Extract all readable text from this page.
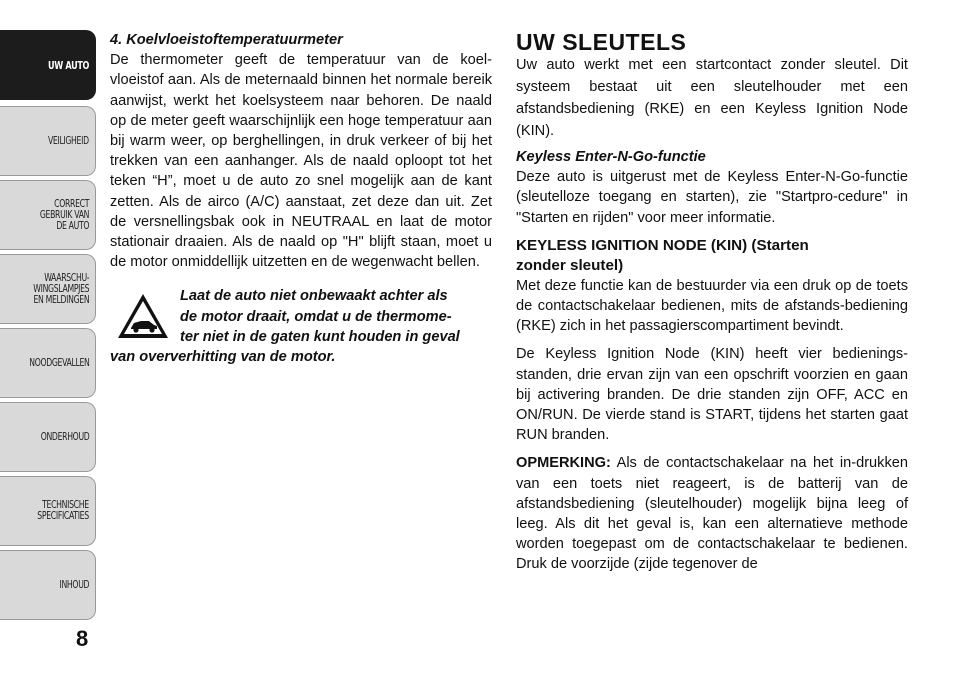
UW AUTO
VEILIGHEID
CORRECT
GEBRUIK VAN
DE AUTO
WAARSCHU-
WINGSLAMPJES
EN MELDINGEN
NOODGEVALLEN
ONDERHOUD
TECHNISCHE
SPECIFICATIES
INHOUD
8

4. Koelvloeistoftemperatuurmeter

De thermometer geeft de temperatuur van de koel-vloeistof aan. Als de meternaald binnen het normale bereik aanwijst, werkt het koelsysteem naar behoren. De naald op de meter geeft waarschijnlijk een hoge temperatuur aan bij warm weer, op berghellingen, in druk verkeer of bij het trekken van een aanhanger. Als de naald oploopt tot het teken “H”, moet u de auto zo snel mogelijk aan de kant zetten. Als de airco (A/C) aanstaat, zet deze dan uit. Zet de versnellingsbak ook in NEUTRAAL en laat de motor stationair draaien. Als de naald op "H" blijft staan, moet u de motor onmiddellijk uitzetten en de wegenwacht bellen.

Laat de auto niet onbewaakt achter als
de motor draait, omdat u de thermome-
ter niet in de gaten kunt houden in geval
van oververhitting van de motor.

UW SLEUTELS

Uw auto werkt met een startcontact zonder sleutel. Dit systeem bestaat uit een sleutelhouder met een afstandsbediening (RKE) en een Keyless Ignition Node (KIN).

Keyless Enter-N-Go-functie

Deze auto is uitgerust met de Keyless Enter-N-Go-functie (sleutelloze toegang en starten), zie "Startpro-cedure" in "Starten en rijden" voor meer informatie.

KEYLESS IGNITION NODE (KIN) (Starten

zonder sleutel)

Met deze functie kan de bestuurder via een druk op de toets de contactschakelaar bedienen, mits de afstands-bediening (RKE) zich in het passagierscompartiment bevindt.

De Keyless Ignition Node (KIN) heeft vier bedienings-standen, drie ervan zijn van een opschrift voorzien en gaan bij activering branden. De drie standen zijn OFF, ACC en ON/RUN. De vierde stand is START, tijdens het starten gaat RUN branden.

OPMERKING: Als de contactschakelaar na het in-drukken van een toets niet reageert, is de batterij van de afstandsbediening (sleutelhouder) mogelijk bijna leeg of leeg. Als dit het geval is, kan een alternatieve methode worden toegepast om de contactschakelaar te bedienen. Druk de voorzijde (zijde tegenover de
